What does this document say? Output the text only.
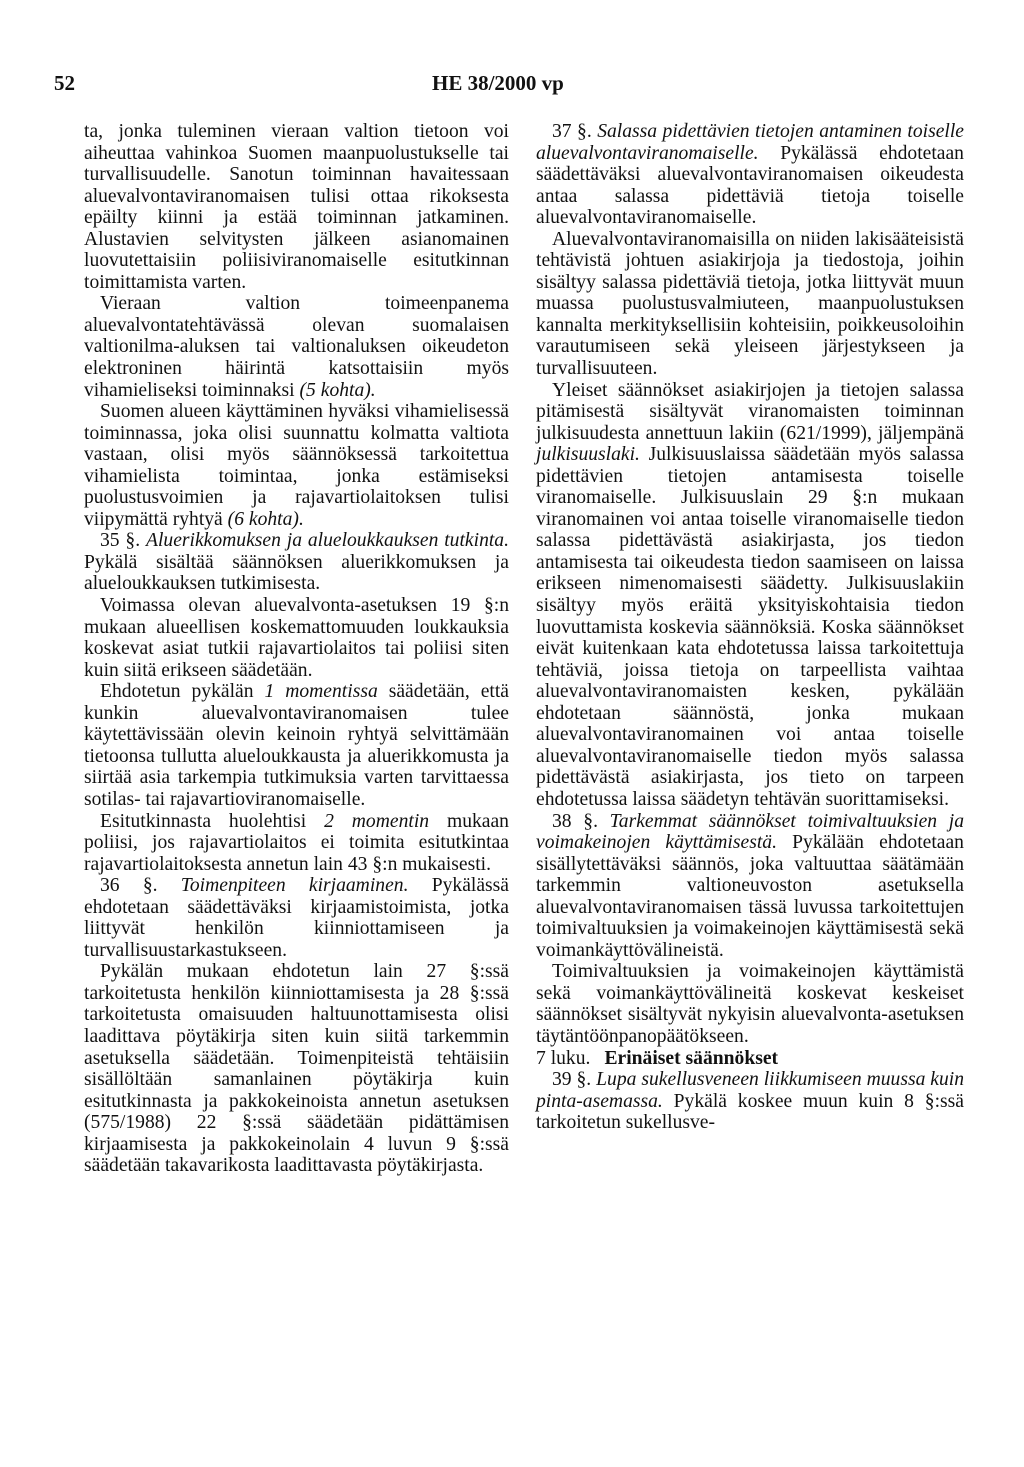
52	HE 38/2000 vp

ta, jonka tuleminen vieraan valtion tietoon voi aiheuttaa vahinkoa Suomen maanpuolustukselle tai turvallisuudelle. Sanotun toiminnan havaitessaan aluevalvontaviranomaisen tulisi ottaa rikoksesta epäilty kiinni ja estää toiminnan jatkaminen. Alustavien selvitysten jälkeen asianomainen luovutettaisiin poliisiviranomaiselle esitutkinnan toimittamista varten.

Vieraan valtion toimeenpanema aluevalvontatehtävässä olevan suomalaisen valtionilma-aluksen tai valtionaluksen oikeudeton elektroninen häirintä katsottaisiin myös vihamieliseksi toiminnaksi (5 kohta).

Suomen alueen käyttäminen hyväksi vihamielisessä toiminnassa, joka olisi suunnattu kolmatta valtiota vastaan, olisi myös säännöksessä tarkoitettua vihamielista toimintaa, jonka estämiseksi puolustusvoimien ja rajavartiolaitoksen tulisi viipymättä ryhtyä (6 kohta).

35 §. Aluerikkomuksen ja alueloukkauksen tutkinta. Pykälä sisältää säännöksen aluerikkomuksen ja alueloukkauksen tutkimisesta.

Voimassa olevan aluevalvonta-asetuksen 19 §:n mukaan alueellisen koskemattomuuden loukkauksia koskevat asiat tutkii rajavartiolaitos tai poliisi siten kuin siitä erikseen säädetään.

Ehdotetun pykälän 1 momentissa säädetään, että kunkin aluevalvontaviranomaisen tulee käytettävissään olevin keinoin ryhtyä selvittämään tietoonsa tullutta alueloukkausta ja aluerikkomusta ja siirtää asia tarkempia tutkimuksia varten tarvittaessa sotilas- tai rajavartioviranomaiselle.

Esitutkinnasta huolehtisi 2 momentin mukaan poliisi, jos rajavartiolaitos ei toimita esitutkintaa rajavartiolaitoksesta annetun lain 43 §:n mukaisesti.

36 §. Toimenpiteen kirjaaminen. Pykälässä ehdotetaan säädettäväksi kirjaamistoimista, jotka liittyvät henkilön kiinniottamiseen ja turvallisuustarkastukseen.

Pykälän mukaan ehdotetun lain 27 §:ssä tarkoitetusta henkilön kiinniottamisesta ja 28 §:ssä tarkoitetusta omaisuuden haltuunottamisesta olisi laadittava pöytäkirja siten kuin siitä tarkemmin asetuksella säädetään. Toimenpiteistä tehtäisiin sisällöltään samanlainen pöytäkirja kuin esitutkinnasta ja pakkokeinoista annetun asetuksen (575/1988) 22 §:ssä säädetään pidättämisen kirjaamisesta ja pakkokeinolain 4 luvun 9 §:ssä säädetään takavarikosta laadittavasta pöytäkirjasta.

37 §. Salassa pidettävien tietojen antaminen toiselle aluevalvontaviranomaiselle. Pykälässä ehdotetaan säädettäväksi aluevalvontaviranomaisen oikeudesta antaa salassa pidettäviä tietoja toiselle aluevalvontaviranomaiselle.

Aluevalvontaviranomaisilla on niiden lakisääteisistä tehtävistä johtuen asiakirjoja ja tiedostoja, joihin sisältyy salassa pidettäviä tietoja, jotka liittyvät muun muassa puolustusvalmiuteen, maanpuolustuksen kannalta merkityksellisiin kohteisiin, poikkeusoloihin varautumiseen sekä yleiseen järjestykseen ja turvallisuuteen.

Yleiset säännökset asiakirjojen ja tietojen salassa pitämisestä sisältyvät viranomaisten toiminnan julkisuudesta annettuun lakiin (621/1999), jäljempänä julkisuuslaki. Julkisuuslaissa säädetään myös salassa pidettävien tietojen antamisesta toiselle viranomaiselle. Julkisuuslain 29 §:n mukaan viranomainen voi antaa toiselle viranomaiselle tiedon salassa pidettävästä asiakirjasta, jos tiedon antamisesta tai oikeudesta tiedon saamiseen on laissa erikseen nimenomaisesti säädetty. Julkisuuslakiin sisältyy myös eräitä yksityiskohtaisia tiedon luovuttamista koskevia säännöksiä. Koska säännökset eivät kuitenkaan kata ehdotetussa laissa tarkoitettuja tehtäviä, joissa tietoja on tarpeellista vaihtaa aluevalvontaviranomaisten kesken, pykälään ehdotetaan säännöstä, jonka mukaan aluevalvontaviranomainen voi antaa toiselle aluevalvontaviranomaiselle tiedon myös salassa pidettävästä asiakirjasta, jos tieto on tarpeen ehdotetussa laissa säädetyn tehtävän suorittamiseksi.

38 §. Tarkemmat säännökset toimivaltuuksien ja voimakeinojen käyttämisestä. Pykälään ehdotetaan sisällytettäväksi säännös, joka valtuuttaa säätämään tarkemmin valtioneuvoston asetuksella aluevalvontaviranomaisen tässä luvussa tarkoitettujen toimivaltuuksien ja voimakeinojen käyttämisestä sekä voimankäyttövälineistä.

Toimivaltuuksien ja voimakeinojen käyttämistä sekä voimankäyttövälineitä koskevat keskeiset säännökset sisältyvät nykyisin aluevalvonta-asetuksen täytäntöönpanopäätökseen.

7 luku. Erinäiset säännökset

39 §. Lupa sukellusveneen liikkumiseen muussa kuin pinta-asemassa. Pykälä koskee muun kuin 8 §:ssä tarkoitetun sukellusve-
